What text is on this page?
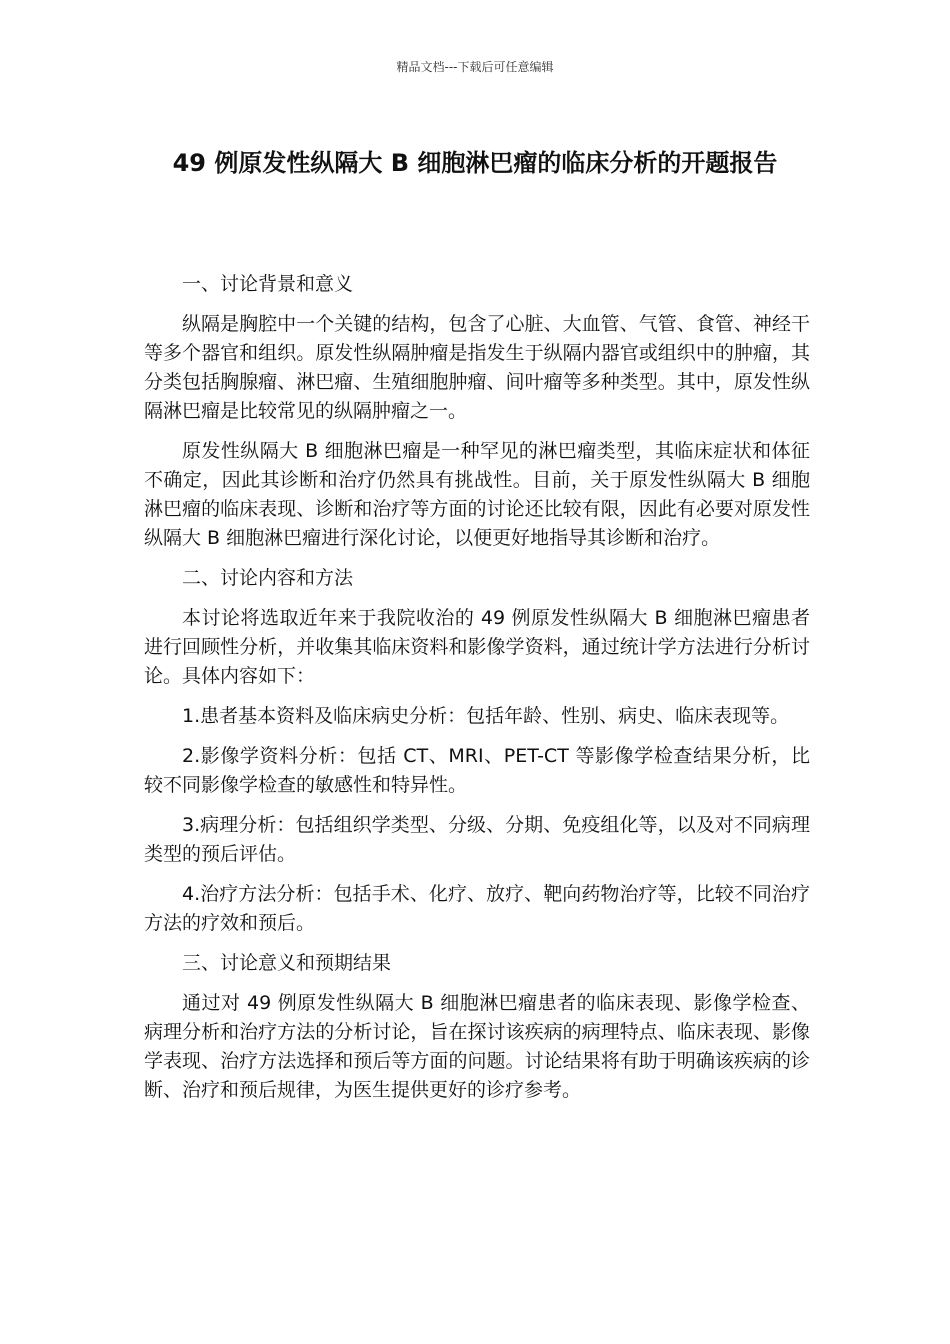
精品文档---下载后可任意编辑
49 例原发性纵隔大 B 细胞淋巴瘤的临床分析的开题报告

一、讨论背景和意义

纵隔是胸腔中一个关键的结构，包含了心脏、大血管、气管、食管、神经干等多个器官和组织。原发性纵隔肿瘤是指发生于纵隔内器官或组织中的肿瘤，其分类包括胸腺瘤、淋巴瘤、生殖细胞肿瘤、间叶瘤等多种类型。其中，原发性纵隔淋巴瘤是比较常见的纵隔肿瘤之一。

原发性纵隔大 B 细胞淋巴瘤是一种罕见的淋巴瘤类型，其临床症状和体征不确定，因此其诊断和治疗仍然具有挑战性。目前，关于原发性纵隔大 B 细胞淋巴瘤的临床表现、诊断和治疗等方面的讨论还比较有限，因此有必要对原发性纵隔大 B 细胞淋巴瘤进行深化讨论，以便更好地指导其诊断和治疗。

二、讨论内容和方法

本讨论将选取近年来于我院收治的 49 例原发性纵隔大 B 细胞淋巴瘤患者进行回顾性分析，并收集其临床资料和影像学资料，通过统计学方法进行分析讨论。具体内容如下：

1.患者基本资料及临床病史分析：包括年龄、性别、病史、临床表现等。

2.影像学资料分析：包括 CT、MRI、PET-CT 等影像学检查结果分析，比较不同影像学检查的敏感性和特异性。

3.病理分析：包括组织学类型、分级、分期、免疫组化等，以及对不同病理类型的预后评估。

4.治疗方法分析：包括手术、化疗、放疗、靶向药物治疗等，比较不同治疗方法的疗效和预后。

三、讨论意义和预期结果

通过对 49 例原发性纵隔大 B 细胞淋巴瘤患者的临床表现、影像学检查、病理分析和治疗方法的分析讨论，旨在探讨该疾病的病理特点、临床表现、影像学表现、治疗方法选择和预后等方面的问题。讨论结果将有助于明确该疾病的诊断、治疗和预后规律，为医生提供更好的诊疗参考。
